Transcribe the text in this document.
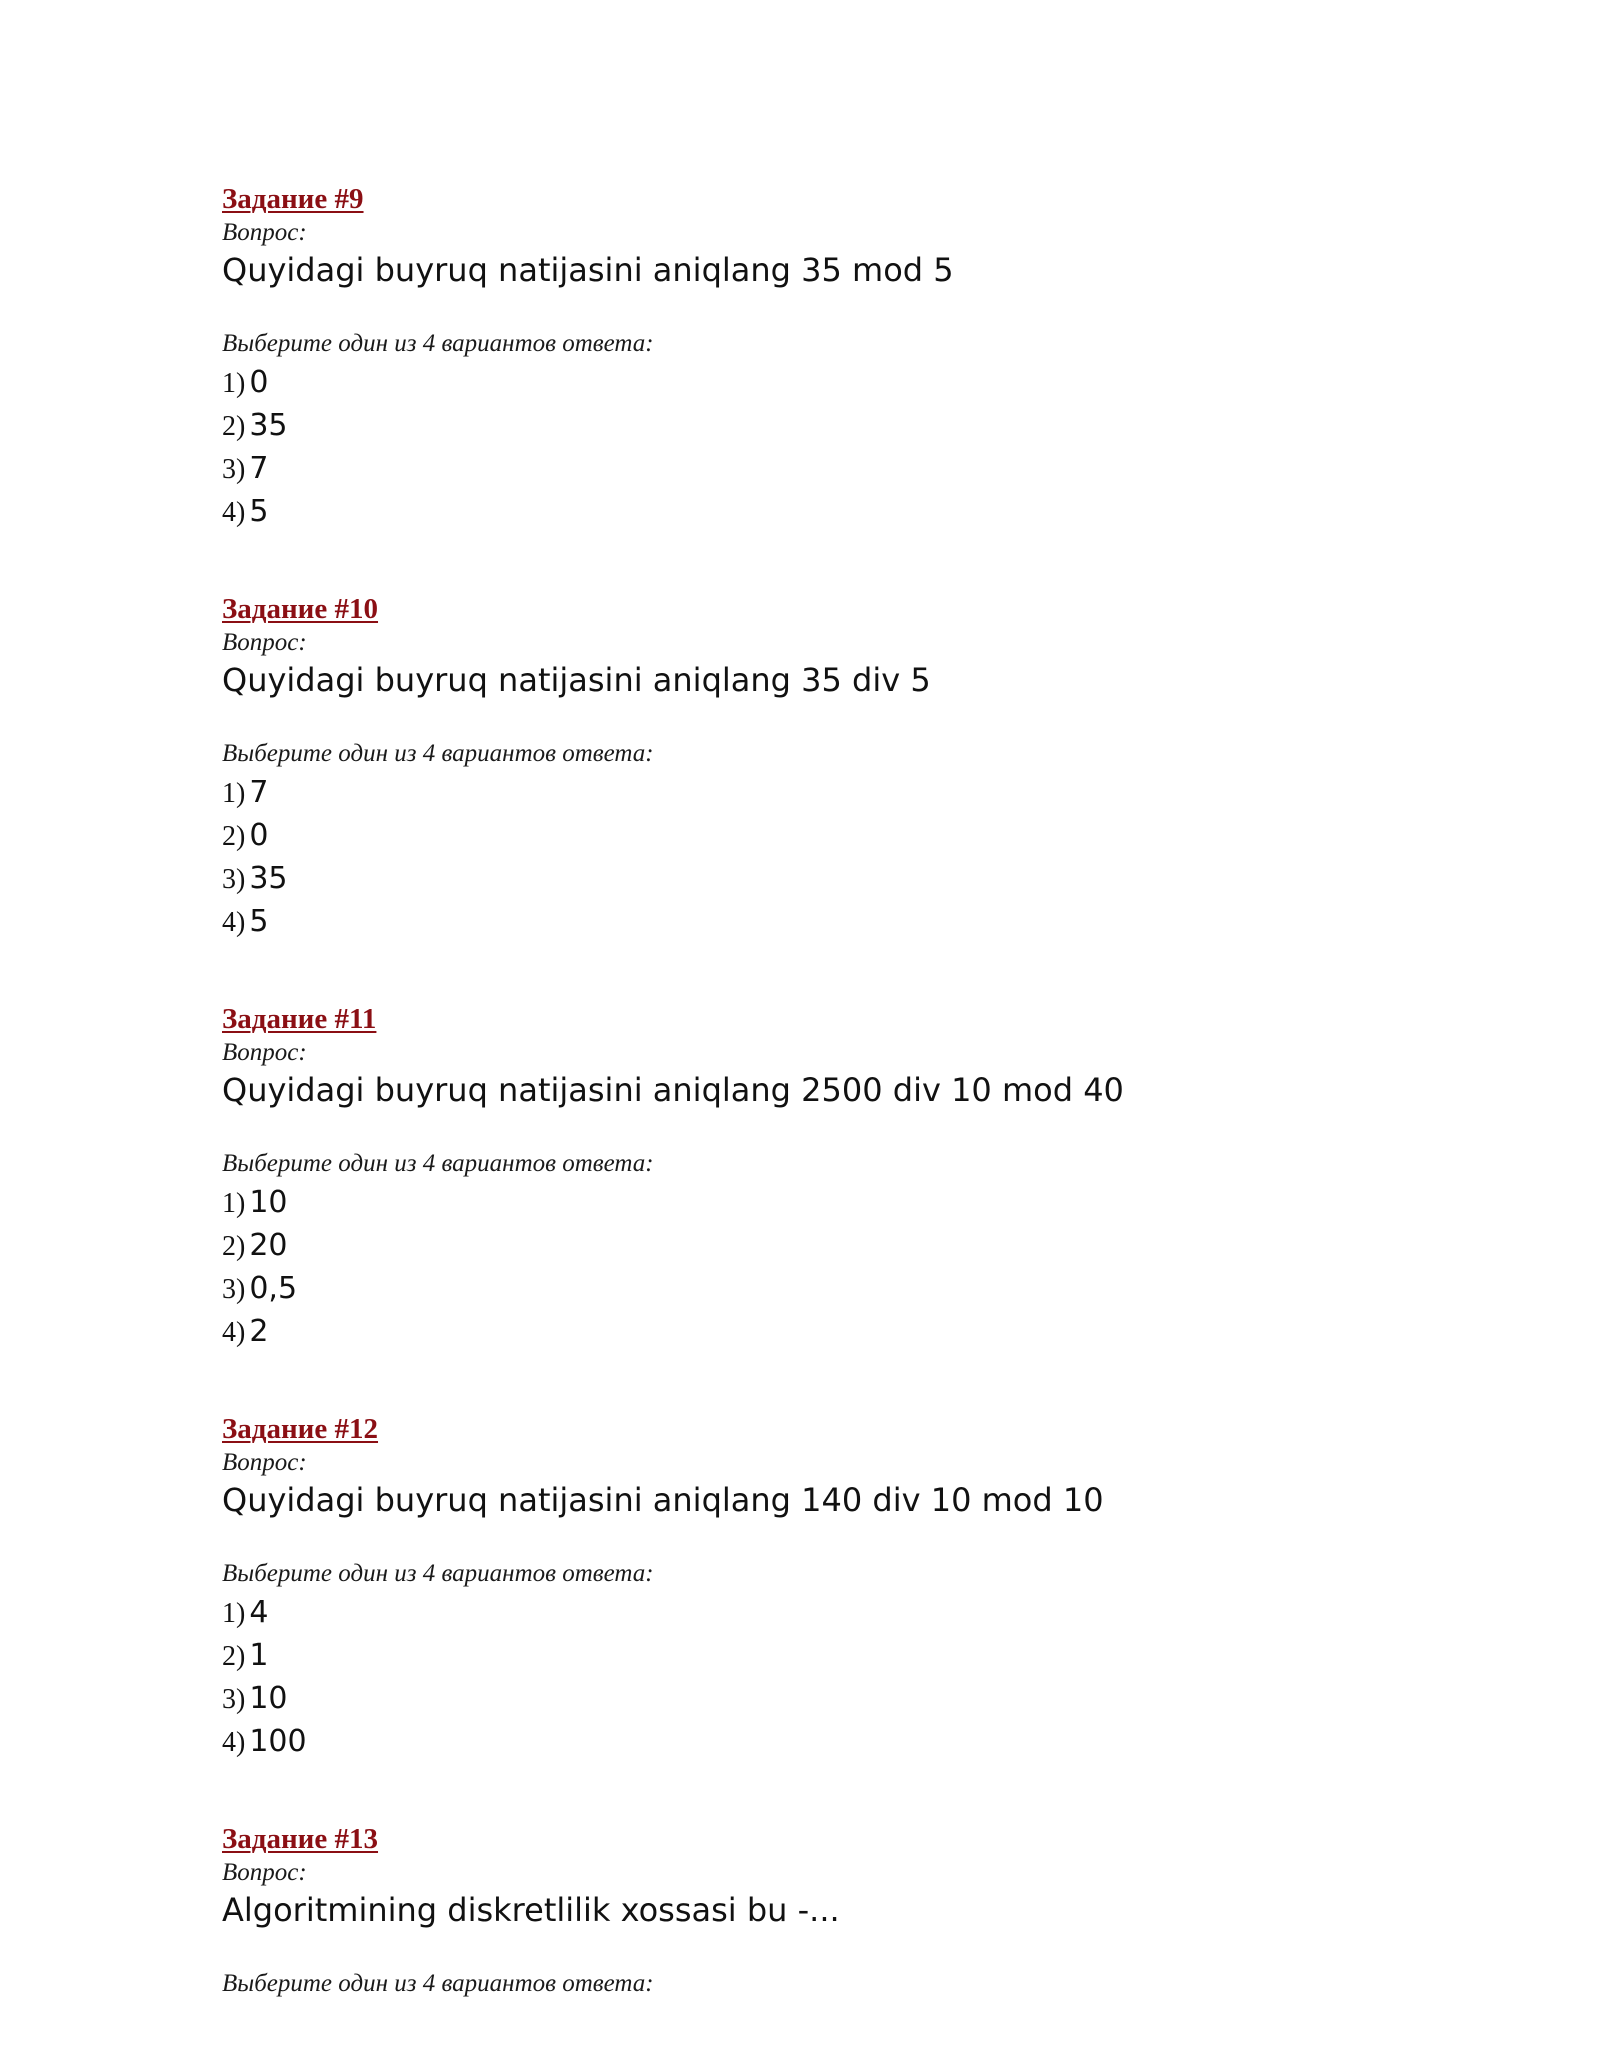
Задание #9
Вопрос:
Quyidagi buyruq natijasini aniqlang 35 mod 5
Выберите один из 4 вариантов ответа:
1) 0
2) 35
3) 7
4) 5
Задание #10
Вопрос:
Quyidagi buyruq natijasini aniqlang 35 div 5
Выберите один из 4 вариантов ответа:
1) 7
2) 0
3) 35
4) 5
Задание #11
Вопрос:
Quyidagi buyruq natijasini aniqlang 2500 div 10 mod 40
Выберите один из 4 вариантов ответа:
1) 10
2) 20
3) 0,5
4) 2
Задание #12
Вопрос:
Quyidagi buyruq natijasini aniqlang 140 div 10 mod 10
Выберите один из 4 вариантов ответа:
1) 4
2) 1
3) 10
4) 100
Задание #13
Вопрос:
Algoritmining diskretlilik xossasi bu -...
Выберите один из 4 вариантов ответа:
